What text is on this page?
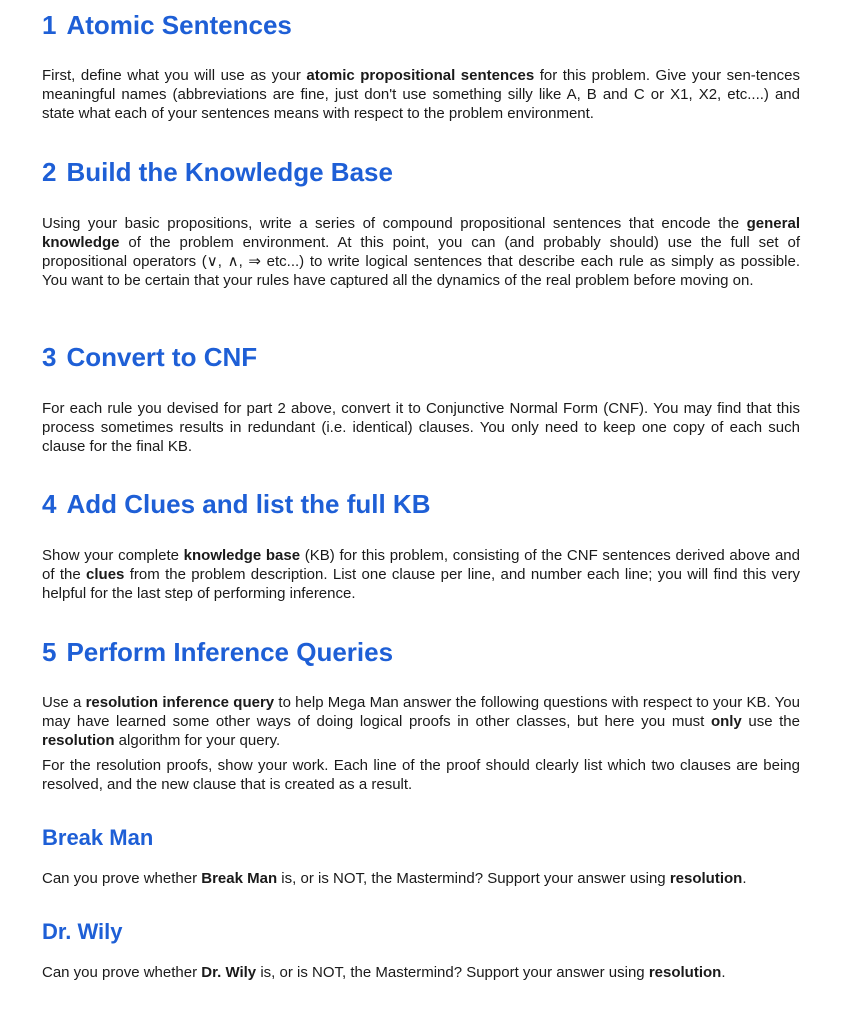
1 Atomic Sentences

First, define what you will use as your atomic propositional sentences for this problem. Give your sen-tences meaningful names (abbreviations are fine, just don't use something silly like A, B and C or X1, X2, etc....) and state what each of your sentences means with respect to the problem environment.

2 Build the Knowledge Base

Using your basic propositions, write a series of compound propositional sentences that encode the general knowledge of the problem environment. At this point, you can (and probably should) use the full set of propositional operators (∨, ∧, ⇒ etc...) to write logical sentences that describe each rule as simply as possible. You want to be certain that your rules have captured all the dynamics of the real problem before moving on.

3 Convert to CNF

For each rule you devised for part 2 above, convert it to Conjunctive Normal Form (CNF). You may find that this process sometimes results in redundant (i.e. identical) clauses. You only need to keep one copy of each such clause for the final KB.

4 Add Clues and list the full KB

Show your complete knowledge base (KB) for this problem, consisting of the CNF sentences derived above and of the clues from the problem description. List one clause per line, and number each line; you will find this very helpful for the last step of performing inference.

5 Perform Inference Queries

Use a resolution inference query to help Mega Man answer the following questions with respect to your KB. You may have learned some other ways of doing logical proofs in other classes, but here you must only use the resolution algorithm for your query.

For the resolution proofs, show your work. Each line of the proof should clearly list which two clauses are being resolved, and the new clause that is created as a result.

Break Man

Can you prove whether Break Man is, or is NOT, the Mastermind? Support your answer using resolution.

Dr. Wily

Can you prove whether Dr. Wily is, or is NOT, the Mastermind? Support your answer using resolution.
